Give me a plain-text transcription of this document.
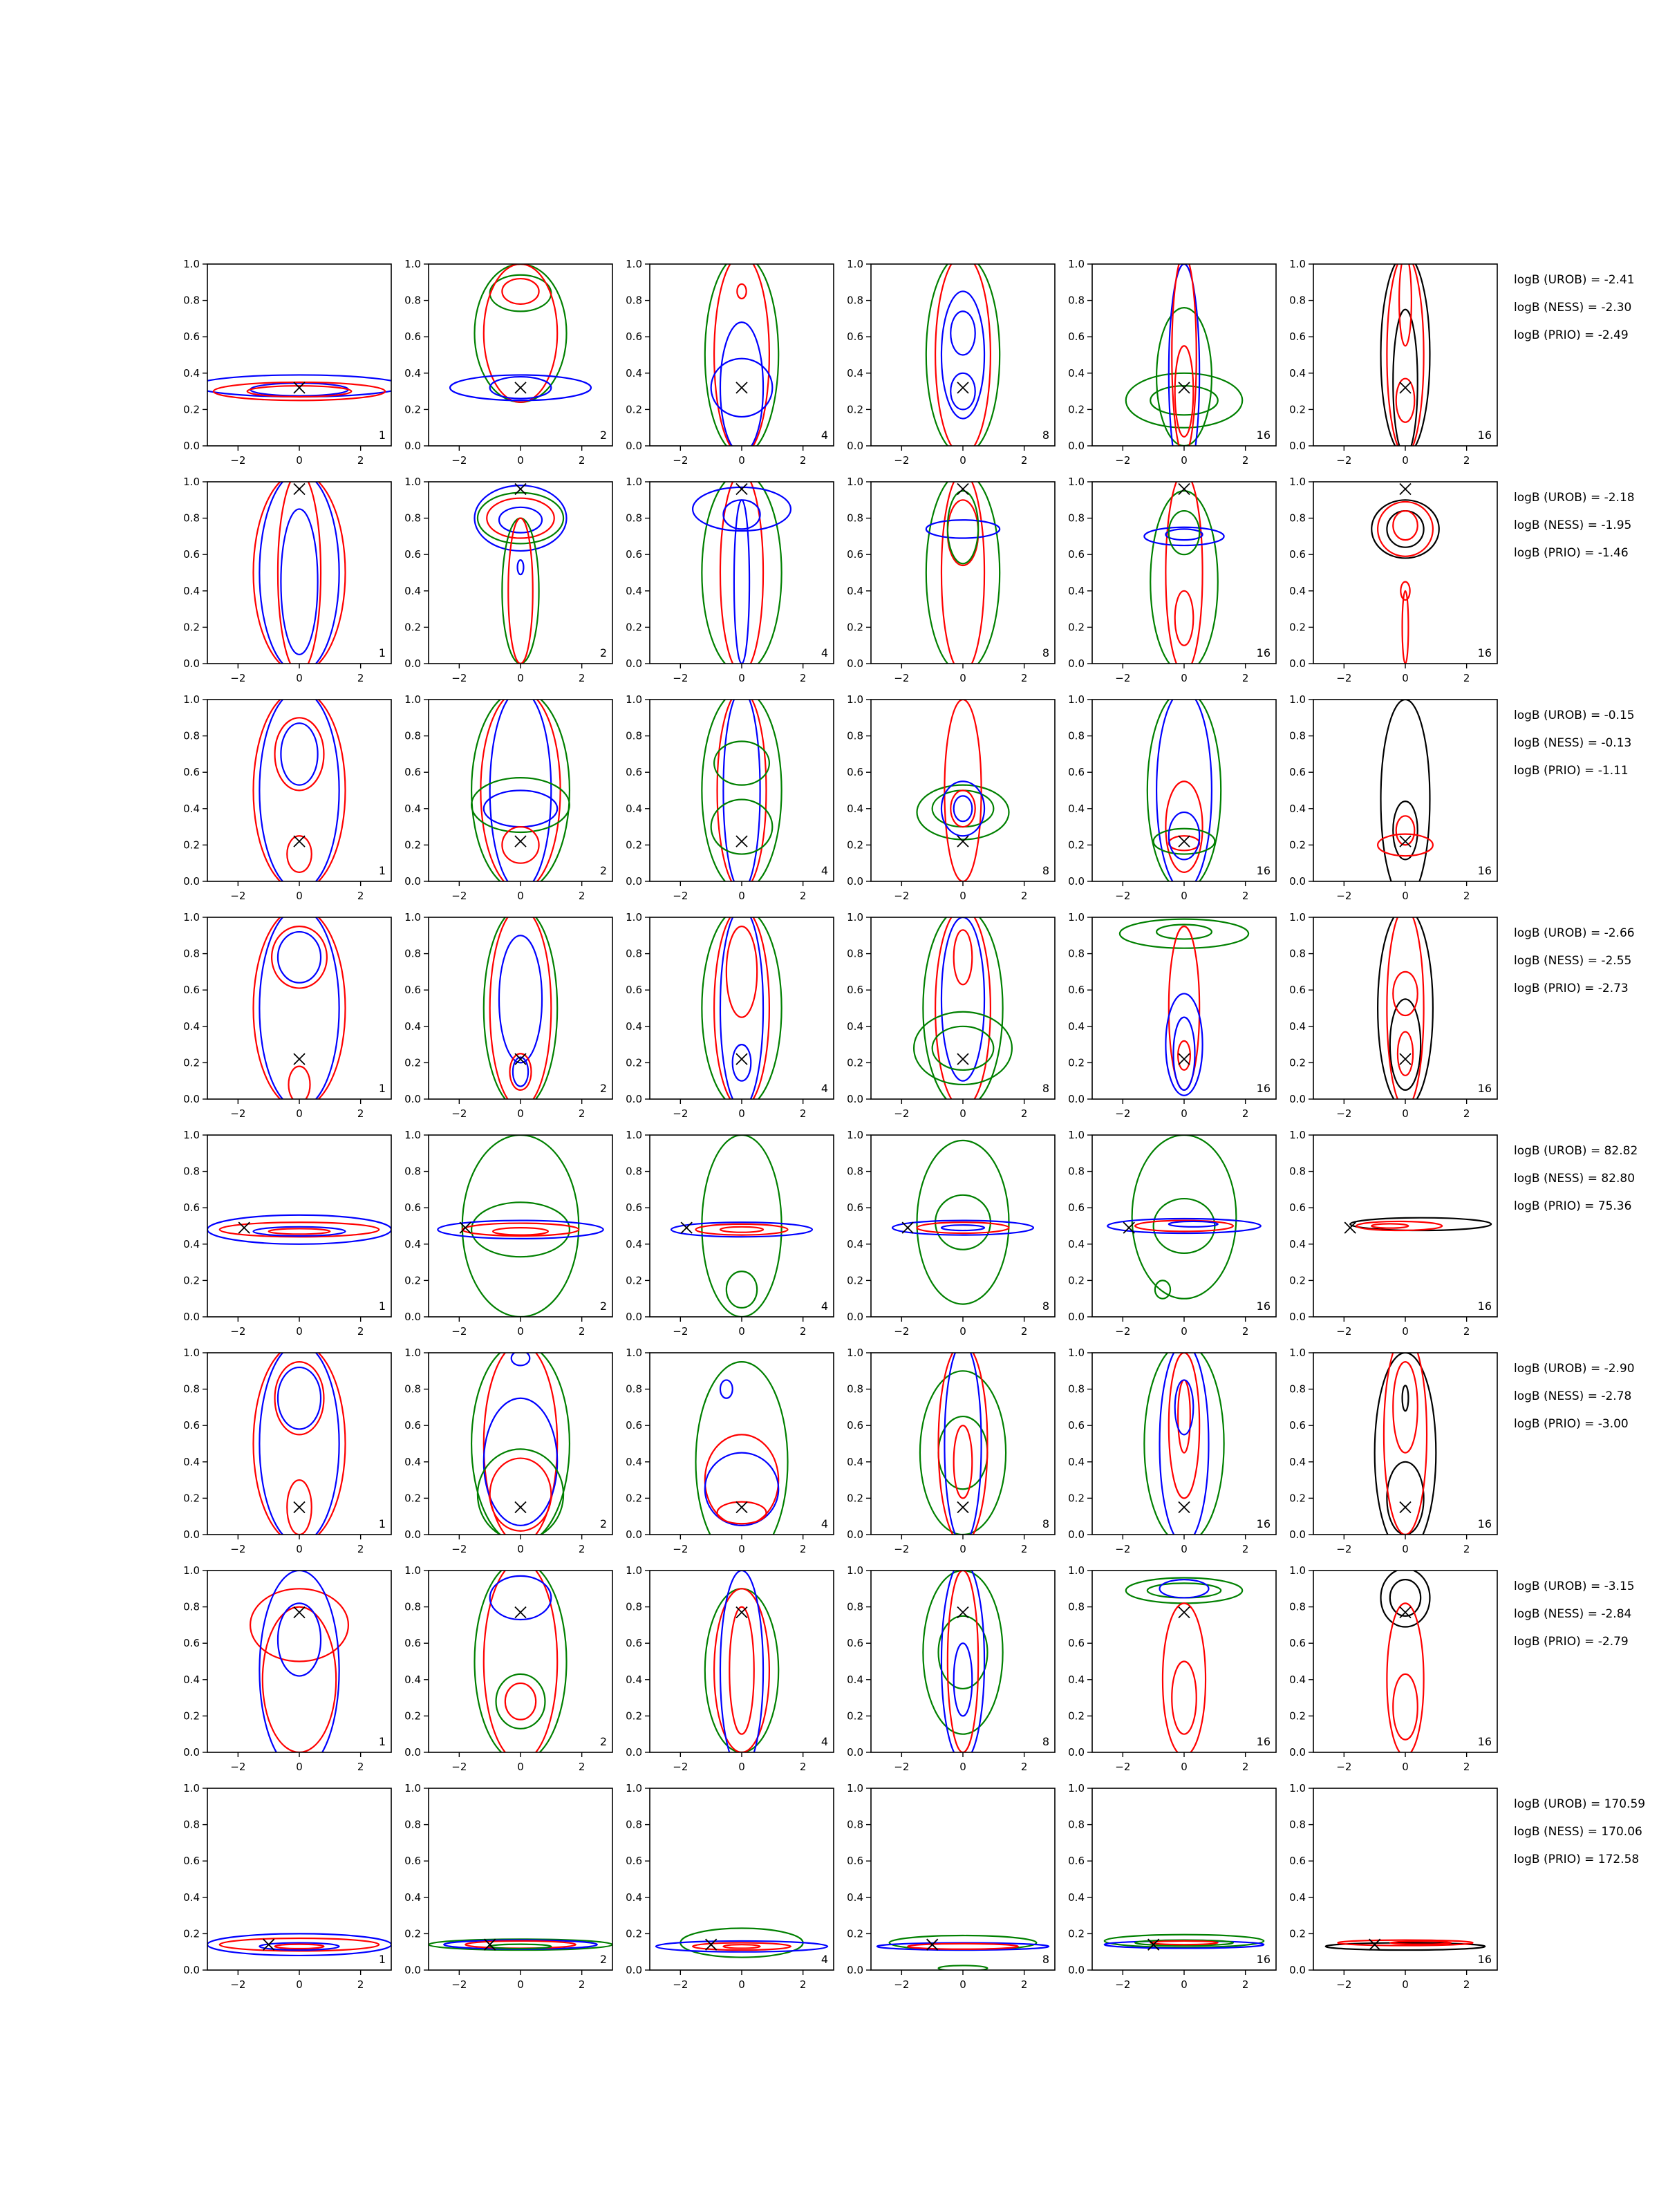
−2	0	2
0.0
0.2
0.4
0.6
0.8
1.0
1
−2	0	2
0.0
0.2
0.4
0.6
0.8
1.0
2
−2	0	2
0.0
0.2
0.4
0.6
0.8
1.0
4
−2	0	2
0.0
0.2
0.4
0.6
0.8
1.0
8
−2	0	2
0.0
0.2
0.4
0.6
0.8
1.0
16
−2	0	2
0.0
0.2
0.4
0.6
0.8
1.0
16
−2	0	2
0.0
0.2
0.4
0.6
0.8
1.0
1
−2	0	2
0.0
0.2
0.4
0.6
0.8
1.0
2
−2	0	2
0.0
0.2
0.4
0.6
0.8
1.0
4
−2	0	2
0.0
0.2
0.4
0.6
0.8
1.0
8
−2	0	2
0.0
0.2
0.4
0.6
0.8
1.0
16
−2	0	2
0.0
0.2
0.4
0.6
0.8
1.0
16
−2	0	2
0.0
0.2
0.4
0.6
0.8
1.0
1
−2	0	2
0.0
0.2
0.4
0.6
0.8
1.0
2
−2	0	2
0.0
0.2
0.4
0.6
0.8
1.0
4
−2	0	2
0.0
0.2
0.4
0.6
0.8
1.0
8
−2	0	2
0.0
0.2
0.4
0.6
0.8
1.0
16
−2	0	2
0.0
0.2
0.4
0.6
0.8
1.0
16
−2	0	2
0.0
0.2
0.4
0.6
0.8
1.0
1
−2	0	2
0.0
0.2
0.4
0.6
0.8
1.0
2
−2	0	2
0.0
0.2
0.4
0.6
0.8
1.0
4
−2	0	2
0.0
0.2
0.4
0.6
0.8
1.0
8
−2	0	2
0.0
0.2
0.4
0.6
0.8
1.0
16
−2	0	2
0.0
0.2
0.4
0.6
0.8
1.0
16
−2	0	2
0.0
0.2
0.4
0.6
0.8
1.0
1
−2	0	2
0.0
0.2
0.4
0.6
0.8
1.0
2
−2	0	2
0.0
0.2
0.4
0.6
0.8
1.0
4
−2	0	2
0.0
0.2
0.4
0.6
0.8
1.0
8
−2	0	2
0.0
0.2
0.4
0.6
0.8
1.0
16
−2	0	2
0.0
0.2
0.4
0.6
0.8
1.0
16
−2	0	2
0.0
0.2
0.4
0.6
0.8
1.0
1
−2	0	2
0.0
0.2
0.4
0.6
0.8
1.0
2
−2	0	2
0.0
0.2
0.4
0.6
0.8
1.0
4
−2	0	2
0.0
0.2
0.4
0.6
0.8
1.0
8
−2	0	2
0.0
0.2
0.4
0.6
0.8
1.0
16
−2	0	2
0.0
0.2
0.4
0.6
0.8
1.0
16
−2	0	2
0.0
0.2
0.4
0.6
0.8
1.0
1
−2	0	2
0.0
0.2
0.4
0.6
0.8
1.0
2
−2	0	2
0.0
0.2
0.4
0.6
0.8
1.0
4
−2	0	2
0.0
0.2
0.4
0.6
0.8
1.0
8
−2	0	2
0.0
0.2
0.4
0.6
0.8
1.0
16
−2	0	2
0.0
0.2
0.4
0.6
0.8
1.0
16
−2	0	2
0.0
0.2
0.4
0.6
0.8
1.0
1
−2	0	2
0.0
0.2
0.4
0.6
0.8
1.0
2
−2	0	2
0.0
0.2
0.4
0.6
0.8
1.0
4
−2	0	2
0.0
0.2
0.4
0.6
0.8
1.0
8
−2	0	2
0.0
0.2
0.4
0.6
0.8
1.0
16
−2	0	2
0.0
0.2
0.4
0.6
0.8
1.0
16
logB (UROB) = -2.41
logB (NESS) = -2.30
logB (PRIO) = -2.49
logB (UROB) = -2.18
logB (NESS) = -1.95
logB (PRIO) = -1.46
logB (UROB) = -0.15
logB (NESS) = -0.13
logB (PRIO) = -1.11
logB (UROB) = -2.66
logB (NESS) = -2.55
logB (PRIO) = -2.73
logB (UROB) = 82.82
logB (NESS) = 82.80
logB (PRIO) = 75.36
logB (UROB) = -2.90
logB (NESS) = -2.78
logB (PRIO) = -3.00
logB (UROB) = -3.15
logB (NESS) = -2.84
logB (PRIO) = -2.79
logB (UROB) = 170.59
logB (NESS) = 170.06
logB (PRIO) = 172.58
